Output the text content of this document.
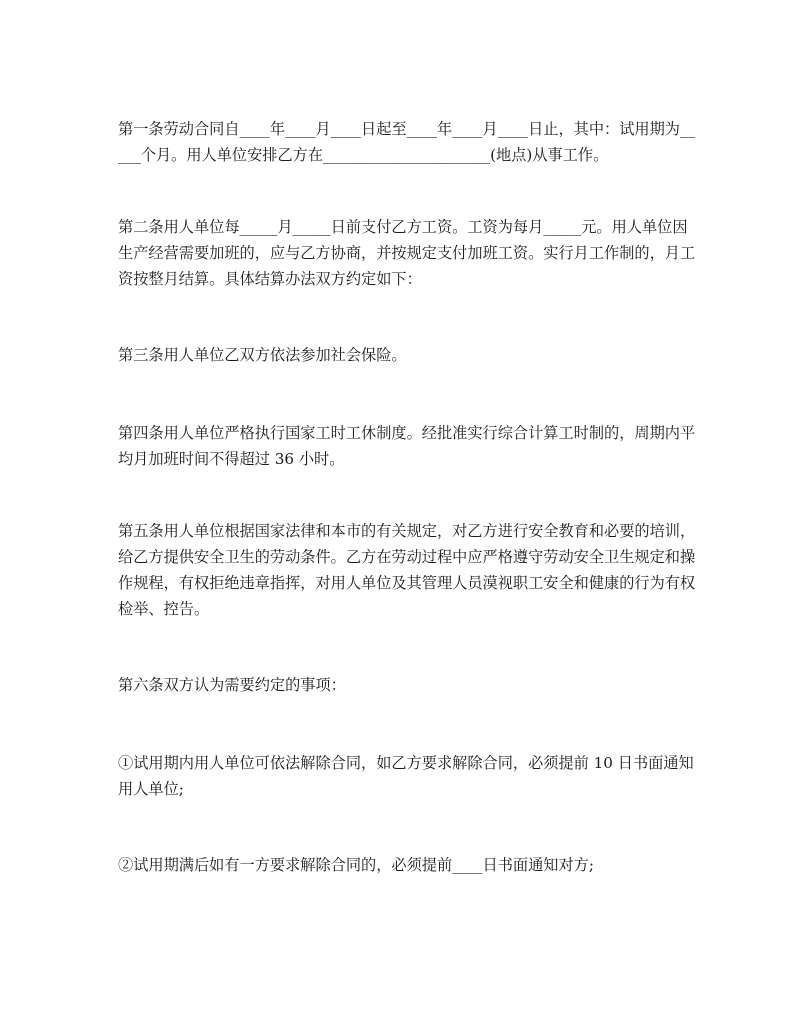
第一条劳动合同自____年____月____日起至____年____月____日止，其中：试用期为_____个月。用人单位安排乙方在______________________(地点)从事工作。

第二条用人单位每_____月_____日前支付乙方工资。工资为每月_____元。用人单位因生产经营需要加班的，应与乙方协商，并按规定支付加班工资。实行月工作制的，月工资按整月结算。具体结算办法双方约定如下：

第三条用人单位乙双方依法参加社会保险。

第四条用人单位严格执行国家工时工休制度。经批准实行综合计算工时制的，周期内平均月加班时间不得超过 36 小时。

第五条用人单位根据国家法律和本市的有关规定，对乙方进行安全教育和必要的培训，给乙方提供安全卫生的劳动条件。乙方在劳动过程中应严格遵守劳动安全卫生规定和操作规程，有权拒绝违章指挥，对用人单位及其管理人员漠视职工安全和健康的行为有权检举、控告。

第六条双方认为需要约定的事项：

①试用期内用人单位可依法解除合同，如乙方要求解除合同，必须提前 10 日书面通知用人单位;

②试用期满后如有一方要求解除合同的，必须提前____日书面通知对方;
